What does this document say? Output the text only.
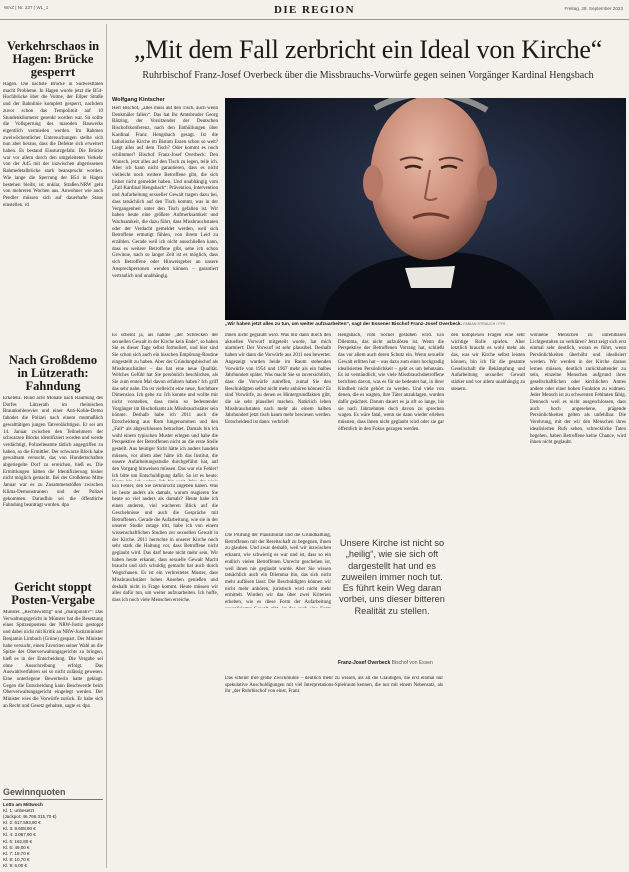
WAZ | Nr. 227 | WL_1	DIE REGION	Freitag, 29. September 2023
Verkehrschaos in Hagen: Brücke gesperrt
Hagen. Die nächste Brücke in Südwestfalen macht Probleme. In Hagen wurde jetzt die B54-Hochbrücke über die Volme, der Eilper Straße und der Bahnlinie komplett gesperrt, nachdem zuvor schon das Tempolimit auf 10 Stundenkilometer gesenkt worden war. So sollte die Vollsperrung des maroden Bauwerks eigentlich vermieden werden. Im Rahmen zweiwöchentlicher Untersuchungen stellte sich nun aber heraus, dass die Defekte sich erweitert haben. Es bestand Einsturzgefahr. Die Brücke war vor allem durch den umgeleiteten Verkehr von der A45 mit der inzwischen abgerissenen Rahmedetalbrücke stark beansprucht worden. Wie lange die Sperrung der B54 in Hagen bestehen bleibt, ist unklar, Straßen.NRW geht von mehreren Wochen aus. Anwohner wie auch Pendler müssen sich auf dauerhafte Staus einstellen. rd
Nach Großdemo in Lützerath: Fahndung
Erkelenz. Rund acht Monate nach Räumung des Dorfes Lützerath im rheinischen Braunkohlerevier und einer Anti-Kohle-Demo fahndet die Polizei nach einem mutmaßlich gewalttätigen jungen Tatverdächtigen. Er sei am 14. Januar zwischen den Teilnehmern der schwarzen Blocks identifiziert worden und werde verdächtigt, Polizeibeamte tätlich angegriffen zu haben, so die Ermittler. Der schwarze Block habe gewaltsam versucht, das von Hundertschaften abgeriegelte Dorf zu erreichen, hieß es. Die Ermittlungen hätten die Identifizierung bisher nicht möglich gemacht. Bei der Großdemo Mitte Januar war es zu Zusammenstößen zwischen Klima-Demonstranten und der Polizei gekommen. Daraufhin sei die öffentliche Fahndung beantragt worden. dpa
Gericht stoppt Posten-Vergabe
Münster. „Rechtswidrig“ und „manipulativ“: Das Verwaltungsgericht in Münster hat die Besetzung eines Spitzenpostens der NRW-Justiz gestoppt und dabei nicht mit Kritik an NRW-Justizminister Benjamin Limbach (Grüne) gespart. Der Minister habe versucht, einen Favoriten seiner Wahl an die Spitze des Oberverwaltungsgerichts zu bringen, hieß es in der Entscheidung. Die Vergabe sei ohne Ausschreibung erfolgt. Das Auswahlverfahren sei so nicht zulässig gewesen. Eine unterlegene Bewerberin hatte geklagt. Gegen die Entscheidung kann Beschwerde beim Oberverwaltungsgericht eingelegt werden. Der Minister wies die Vorwürfe zurück. Er habe sich an Recht und Gesetz gehalten, sagte er. dpa
Gewinnquoten
Lotto am Mittwoch
Kl. 1: unbesetzt
(Jackpot: 46.766.315,70 €)
Kl. 2: 617.593,90 €
Kl. 3: 9.608,90 €
Kl. 4: 3.067,90 €
Kl. 5: 162,80 €
Kl. 6: 49,00 €
Kl. 7: 19,70 €
Kl. 8: 10,70 €
Kl. 9: 6,00 €
„Mit dem Fall zerbricht ein Ideal von Kirche“
Ruhrbischof Franz-Josef Overbeck über die Missbrauchs-Vorwürfe gegen seinen Vorgänger Kardinal Hengsbach
Wolfgang Kintscher

Herr Bischof, „alles muss auf den Tisch, auch wenn Denkmäler fallen“. Das hat Ihr Amtsbruder Georg Bätzing, der Vorsitzender der Deutschen Bischofskonferenz, nach den Enthüllungen über Kardinal Franz Hengsbach gesagt. Ist die katholische Kirche im Bistum Essen schon so weit? Liegt alles auf dem Tisch? Oder kommt es noch schlimmer? Bischof Franz-Josef Overbeck: Den Wunsch, jetzt alles auf den Tisch zu legen, teile ich. Aber ich kann nicht garantieren, dass es nicht vielleicht noch weitere Betroffene gibt, die sich bisher nicht gemeldet haben. Und unabhängig vom „Fall Kardinal Hengsbach“: Prävention, Intervention und Aufarbeitung sexueller Gewalt tragen dazu bei, dass tatsächlich auf den Tisch kommt, was in der Vergangenheit unter den Tisch gefallen ist. Wir haben heute eine größere Aufmerksamkeit und Wachsamkeit, die dazu führt, dass Missbrauchstaten oder der Verdacht gemeldet werden, weil sich Betroffene ermutigt fühlen, von ihrem Leid zu erzählen. Gerade weil ich nicht ausschließen kann, dass es weitere Betroffene gibt, sehe ich schon Gewinne, nach so langer Zeit ist es möglich, dass sich Betroffene oder Hinweisgeber an unsere Ansprechpersonen wenden können – garantiert vertraulich und unabhängig.

„Wir haben jetzt alles zu tun, um weiter aufzuarbeiten“, sagt der Essener Bischof Franz-Josef Overbeck. FABIAN STRAUCH / FFS

Es scheint ja, als nähme „der Schrecken der sexuellen Gewalt in der Kirche kein Ende“, so haben Sie es dieser Tage selbst formuliert, und hier sind Sie schon sich auch ein hisschen Empörung-Routine eingestellt zu haben. Aber der Gründungsbischof als Missbrauchstäter – das hat eine neue Qualität. Welches Gefühl hat Sie persönlich beschlichen, als Sie zum ersten Mal davon erfahren haben? Ich griff das sehr nahe. Da ist vielleicht eine neue, furchtbare Dimension. Ich gebe zu: Ich konnte und wollte mir nicht vorstellen, dass mein so bedeutender Vorgänger im Bischofsamt als Missbrauchstäter sein könnte. Deshalb habe ich 2011 auch die Entscheidung aus Rom hingenommen und den „Fall“ als abgeschlossen betrachtet. Damals bin ich wohl einem typischen Muster erlegen und habe die Perspektive der Betroffenen nicht an die erste Stelle gestellt. Aus heutiger Sicht hätte ich anders handeln müssen, vor allem aber hätte ich das Institut, die unsere Aufarbeitungsstudie durchgeführt hat, auf den Vorgang hinweisen müssen. Das war ein Fehler! Ich bitte um Entschuldigung dafür. So ist es heute:

Ein Fehler, den Sie zerknirscht zugeben haben. Was ist heute anders als damals, warum reagieren Sie heute so viel anders als damals? Heute habe ich einen anderen, viel wacheren Blick auf die Geschehnisse und auch die Gespräche mit Betroffenen. Gerade die Aufarbeitung, wie sie in der unserer Studie zutage tritt, habe ich von einem wissenschaftlichen Studien zur sexuellen Gewalt in der Kirche. 2011 herrschte in unserer Kirche noch sehr stark die Haltung vor, dass Betroffene nicht geglaubt wird. Das darf heute nicht mehr sein. Wir haben heute erkannt, dass sexuelle Gewalt Macht braucht und sich schuldig gemacht hat auch durch Wegschauen. Es ist ein verbreitetes Muster, dass Missbrauchstäter hohes Ansehen genießen und deshalb nicht in Frage kommt. Heute müssen wir alles dafür tun, um weiter aufzuarbeiten. Ich hoffe, dass ich noch viele Menschen erreiche.

ihnen nicht geglaubt wird. Was mir dann durch den aktuellen Vorwurf mitgeteilt wurde, hat mich alarmiert: Der Vorwurf ist sehr plausibel. Deshalb haben wir dann die Vorwürfe aus 2011 neu bewertet. Angezeigt wurden beide im Raum stehenden Vorwürfe von 1954 und 1967 mehr als ein halbes Jahrhundert später. Was macht Sie so zuversichtlich, dass die Vorwürfe zutreffen, zumal Sie den Beschuldigten selbst nicht mehr anhören können? Es sind Vorwürfe, zu denen es Hintergrundfakten gibt, die sie sehr plausibel machen. Natürlich leben Missbrauchstaten nach mehr als einem halben Jahrhundert jetzt tisch kaum mehr bewiesen werden. Entscheidend ist dann: verbrieft

Die Prüfung der Plausibilität und die Grundhaltung, Betroffenen mit der Bereitschaft zu begegnen, ihnen zu glauben. Und zwar deshalb, weil wir inzwischen erkannt, wie schwierig es war und ist, dass so ein endlich vielen Betroffenen Unrecht geschehen ist, weil ihnen nie geglaubt wurde. Aber Sie wissen tatsächlich auch ein Dilemma bin, das sich nicht mehr auflösen lässt: Die Beschuldigten können wir nicht mehr anhören, juristisch wird nicht mehr ermittelt. Wurden wir das über zwei Kriterien erheben, wie es diese Form der Aufarbeitung

Unsere Kirche ist nicht so „heilig“, wie sie sich oft dargestellt hat und es zuweilen immer noch tut. Es führt kein Weg daran vorbei, uns dieser bitteren Realität zu stellen.
Franz-Josef Overbeck Bischof von Essen

Das scheint Ihre große Zwickmühle – deutlich mehr zu wissen, als all die Gläubigen, die erst einmal nur spekulative Anschuldigungen mit viel Interpretations-Spielraum kennen, die nur mit einem Nebensatz, als ihr „der Ruhrbischof von einst, Franz

Hengsbach, vom Sockel gestoßen wird. Ein Dilemma, das nicht aufzulösen ist. Wenn die Perspektive der Betroffenen Vorrang hat, schließt das vor allem auch deren Schutz ein. Wenn sexuelle Gewalt erlitten hat – was dazu zum einer hochgradig idealisierten Persönlichkeit – geht es um behutsam. Es ist verständlich, wie viele Missbrauchsbetroffene berichten davon, was es für sie bedeutet hat, in ihrer Kindheit nicht gehört zu werden. Und viele von denen, die es wagten, ihre Täter anzuklagen, wurden dafür geächtet. Darum dauert es ja oft so lange, bis sie nach Jahrzehnten doch davon zu sprechen wagen. Es wäre fatal, wenn sie dann wieder erleben müssten, dass ihnen nicht geglaubt wird oder sie gar öffentlich in den Fokus gezogen werden.

den komplexen Fragen eine sehr wichtige Rolle spielen. Aber letztlich braucht es wohl mehr als das, was wir Kirche selbst leisten können, bin ich für die gesamte Gesellschaft die Bekämpfung und Aufarbeitung sexueller Gewalt stärker und vor allem unabhängig zu steuern.

wonnene Menschen zu unfehlbaren Lichtgestalten zu verklären? Jetzt zeigt sich erst einmal sehr deutlich, woran es führt, wenn Persönlichkeiten überhöht und idealisiert werden. Wir werden in der Kirche daraus lernen müssen, deutlich zurückhaltender zu sein, einzelne Menschen aufgrund ihres gesellschaftlichen oder kirchlichen Amtes andere oder einer hohen Funktion zu widmen. Jeder Mensch ist zu schwersten Fehltaten fähig. Dennoch weil es nicht ausgeschlossen, dass auch hoch angesehene, prägende Persönlichkeiten gelten als unfehlbar. Die Verehrung, mit der wir den Menschen ihres idealisierten Rufs sehen, schreckliche Taten begehen, haben Betroffene keine Chance, wird ihnen nicht geglaubt.
